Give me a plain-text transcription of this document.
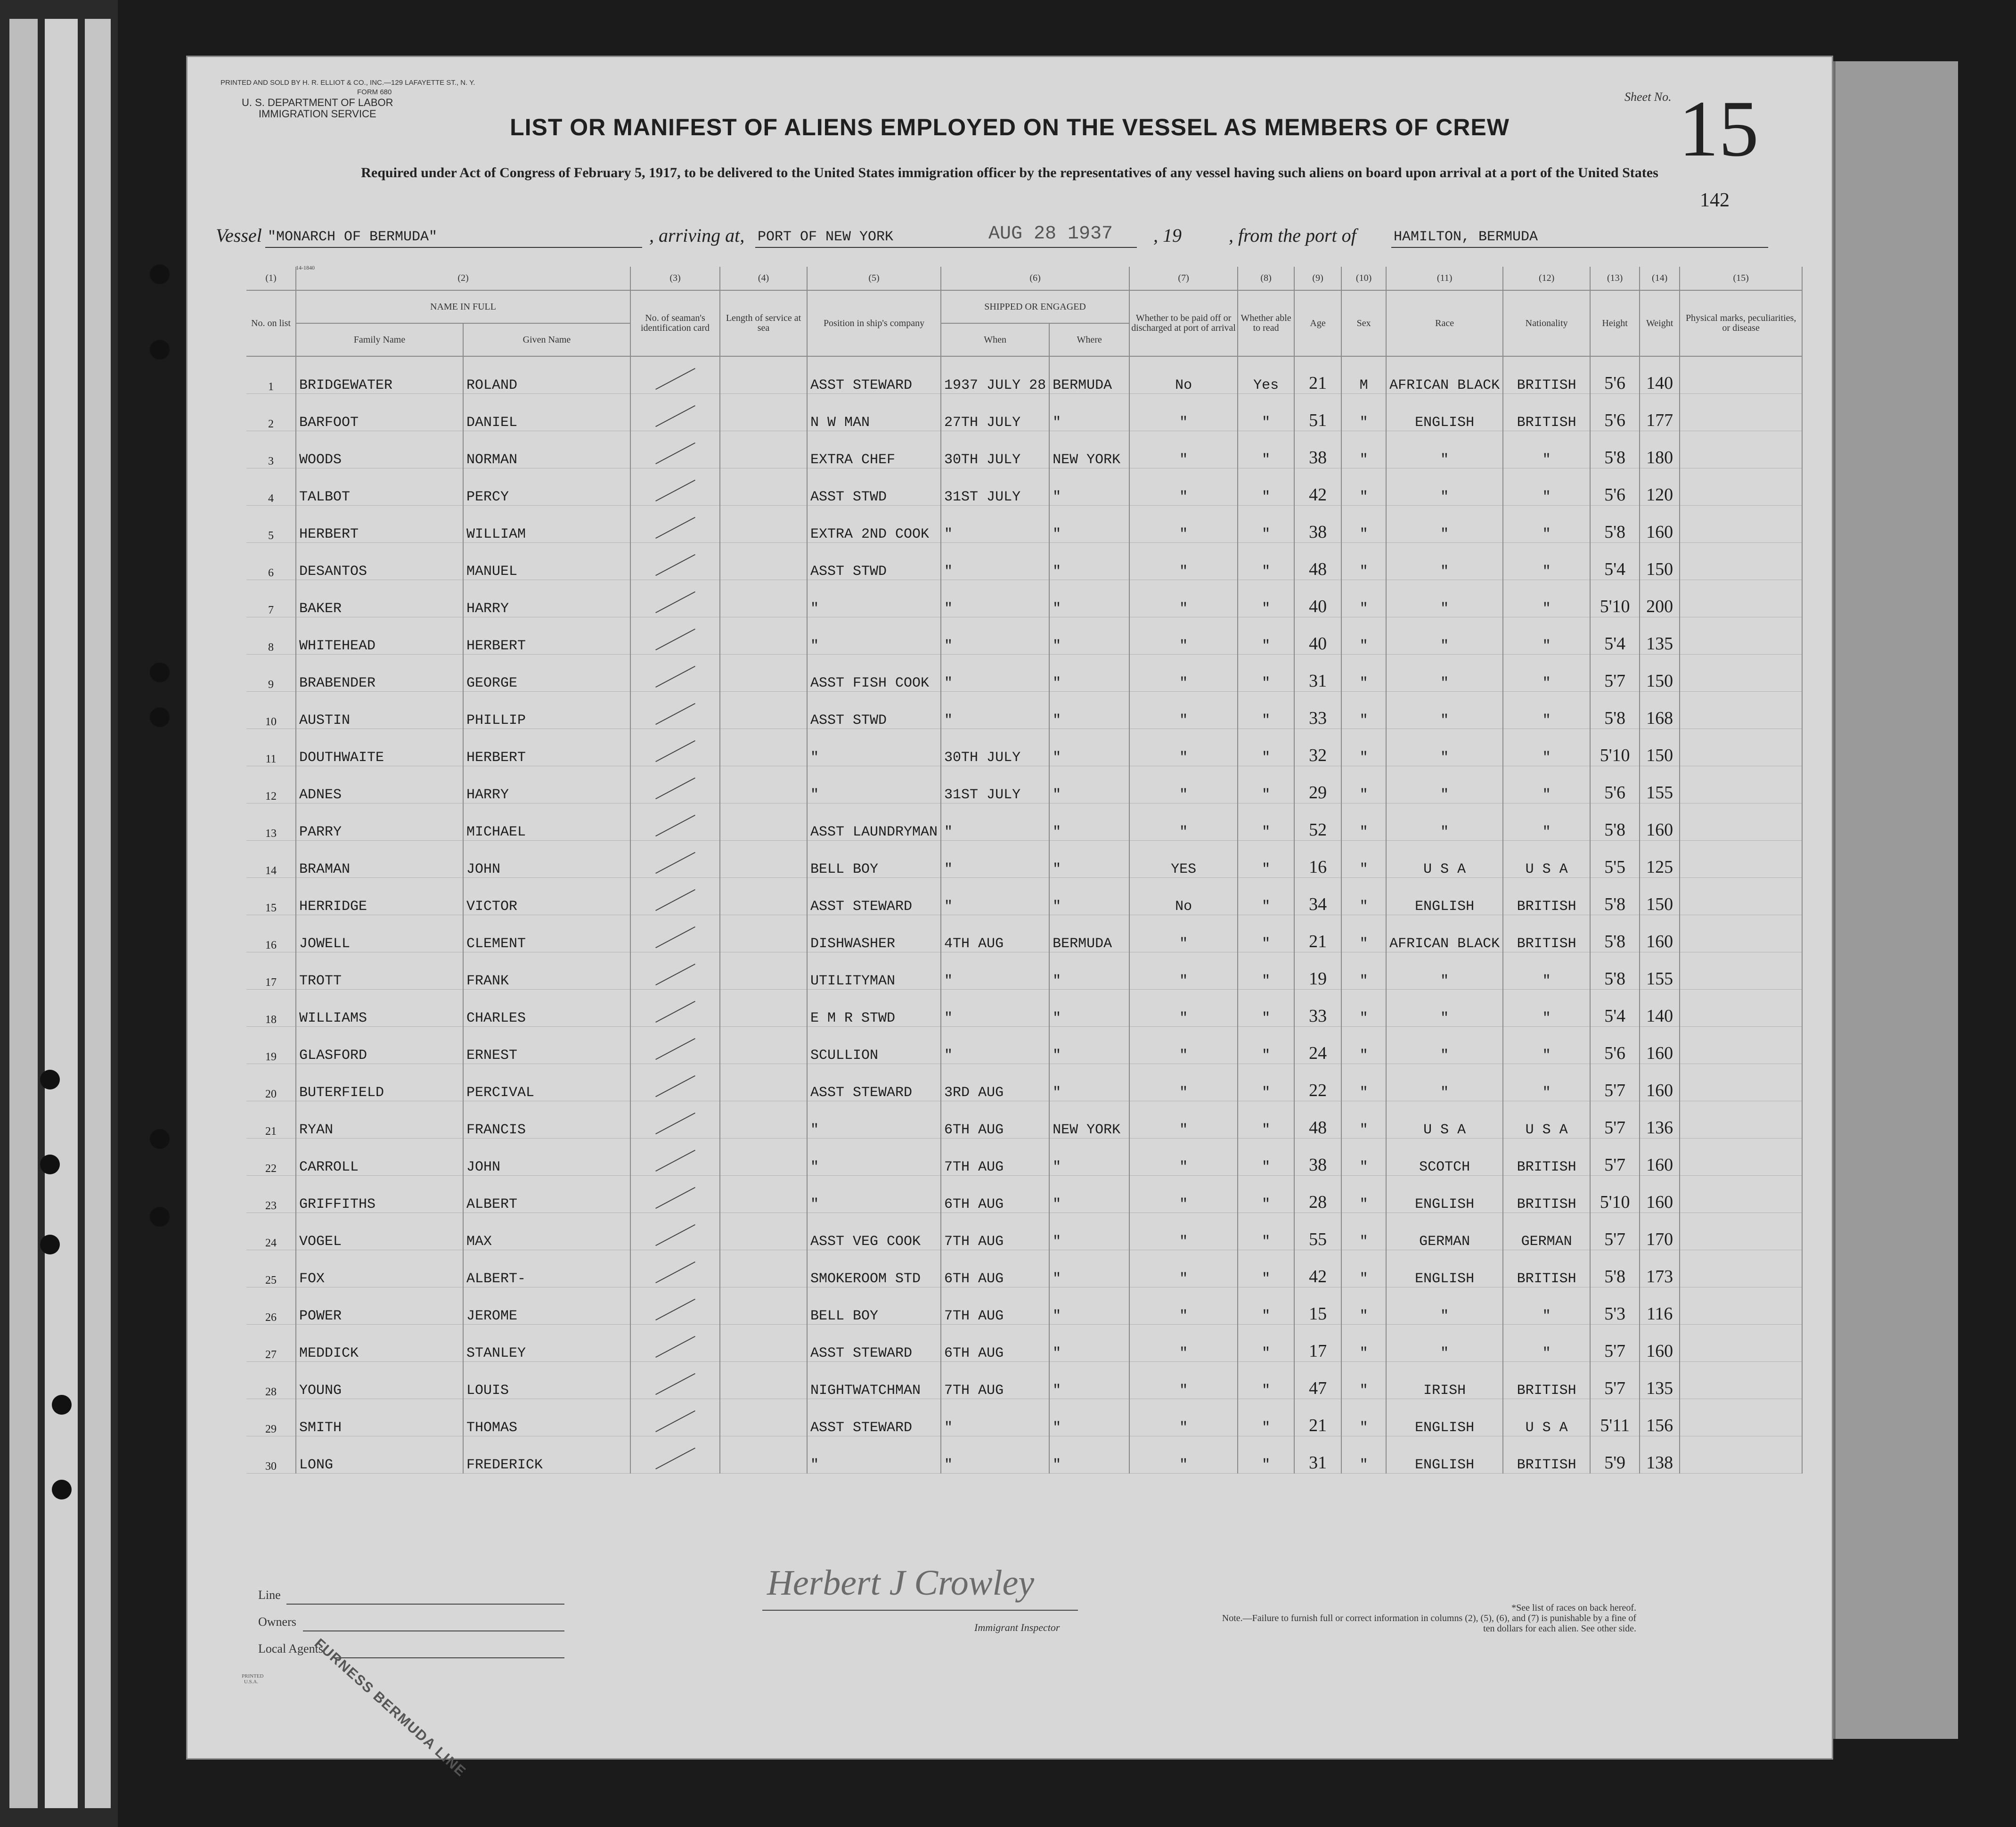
PRINTED AND SOLD BY H. R. ELLIOT & CO., INC.—129 LAFAYETTE ST., N. Y.
FORM 680
U. S. DEPARTMENT OF LABOR
IMMIGRATION SERVICE
Sheet No. 15
142
LIST OR MANIFEST OF ALIENS EMPLOYED ON THE VESSEL AS MEMBERS OF CREW
Required under Act of Congress of February 5, 1917, to be delivered to the United States immigration officer by the representatives of any vessel having such aliens on board upon arrival at a port of the United States
Vessel "MONARCH OF BERMUDA"	, arriving at, PORT OF NEW YORK	AUG 28 1937 , 19	, from the port of	HAMILTON, BERMUDA
14-1840
(1)	(2)		(3)	(4)	(5)	(6)		(7)	(8)	(9)	(10)	(11)	(12)	(13)	(14)	(15)
No. on list	NAME IN FULL		No. of seaman's identification card	Length of service at sea	Position in ship's company	SHIPPED OR ENGAGED		Whether to be paid off or discharged at port of arrival	Whether able to read	Age	Sex	Race	Nationality	Height	Weight	Physical marks, peculiarities, or disease
	Family Name	Given Name				When	Where									
1	BRIDGEWATER	ROLAND			ASST STEWARD	1937 JULY 28	BERMUDA	No	Yes	21	M	AFRICAN BLACK	BRITISH	5'6	140	
2	BARFOOT	DANIEL			N W MAN	27TH JULY	"	"	"	51	"	ENGLISH	BRITISH	5'6	177	
3	WOODS	NORMAN			EXTRA CHEF	30TH JULY	NEW YORK	"	"	38	"	"	"	5'8	180	
4	TALBOT	PERCY			ASST STWD	31ST JULY	"	"	"	42	"	"	"	5'6	120	
5	HERBERT	WILLIAM			EXTRA 2ND COOK	"	"	"	"	38	"	"	"	5'8	160	
6	DESANTOS	MANUEL			ASST STWD	"	"	"	"	48	"	"	"	5'4	150	
7	BAKER	HARRY			"	"	"	"	"	40	"	"	"	5'10	200	
8	WHITEHEAD	HERBERT			"	"	"	"	"	40	"	"	"	5'4	135	
9	BRABENDER	GEORGE			ASST FISH COOK	"	"	"	"	31	"	"	"	5'7	150	
10	AUSTIN	PHILLIP			ASST STWD	"	"	"	"	33	"	"	"	5'8	168	
11	DOUTHWAITE	HERBERT			"	30TH JULY	"	"	"	32	"	"	"	5'10	150	
12	ADNES	HARRY			"	31ST JULY	"	"	"	29	"	"	"	5'6	155	
13	PARRY	MICHAEL			ASST LAUNDRYMAN	"	"	"	"	52	"	"	"	5'8	160	
14	BRAMAN	JOHN			BELL BOY	"	"	YES	"	16	"	U S A	U S A	5'5	125	
15	HERRIDGE	VICTOR			ASST STEWARD	"	"	No	"	34	"	ENGLISH	BRITISH	5'8	150	
16	JOWELL	CLEMENT			DISHWASHER	4TH AUG	BERMUDA	"	"	21	"	AFRICAN BLACK	BRITISH	5'8	160	
17	TROTT	FRANK			UTILITYMAN	"	"	"	"	19	"	"	"	5'8	155	
18	WILLIAMS	CHARLES			E M R STWD	"	"	"	"	33	"	"	"	5'4	140	
19	GLASFORD	ERNEST			SCULLION	"	"	"	"	24	"	"	"	5'6	160	
20	BUTERFIELD	PERCIVAL			ASST STEWARD	3RD AUG	"	"	"	22	"	"	"	5'7	160	
21	RYAN	FRANCIS			"	6TH AUG	NEW YORK	"	"	48	"	U S A	U S A	5'7	136	
22	CARROLL	JOHN			"	7TH AUG	"	"	"	38	"	SCOTCH	BRITISH	5'7	160	
23	GRIFFITHS	ALBERT			"	6TH AUG	"	"	"	28	"	ENGLISH	BRITISH	5'10	160	
24	VOGEL	MAX			ASST VEG COOK	7TH AUG	"	"	"	55	"	GERMAN	GERMAN	5'7	170	
25	FOX	ALBERT-			SMOKEROOM STD	6TH AUG	"	"	"	42	"	ENGLISH	BRITISH	5'8	173	
26	POWER	JEROME			BELL BOY	7TH AUG	"	"	"	15	"	"	"	5'3	116	
27	MEDDICK	STANLEY			ASST STEWARD	6TH AUG	"	"	"	17	"	"	"	5'7	160	
28	YOUNG	LOUIS			NIGHTWATCHMAN	7TH AUG	"	"	"	47	"	IRISH	BRITISH	5'7	135	
29	SMITH	THOMAS			ASST STEWARD	"	"	"	"	21	"	ENGLISH	U S A	5'11	156	
30	LONG	FREDERICK			"	"	"	"	"	31	"	ENGLISH	BRITISH	5'9	138	
Line
Owners
Local Agents
FURNESS BERMUDA LINE
PRINTED U.S.A.
Herbert J Crowley
Immigrant Inspector
*See list of races on back hereof.
Note.—Failure to furnish full or correct information in columns (2), (5), (6), and (7) is punishable by a fine of ten dollars for each alien. See other side.
